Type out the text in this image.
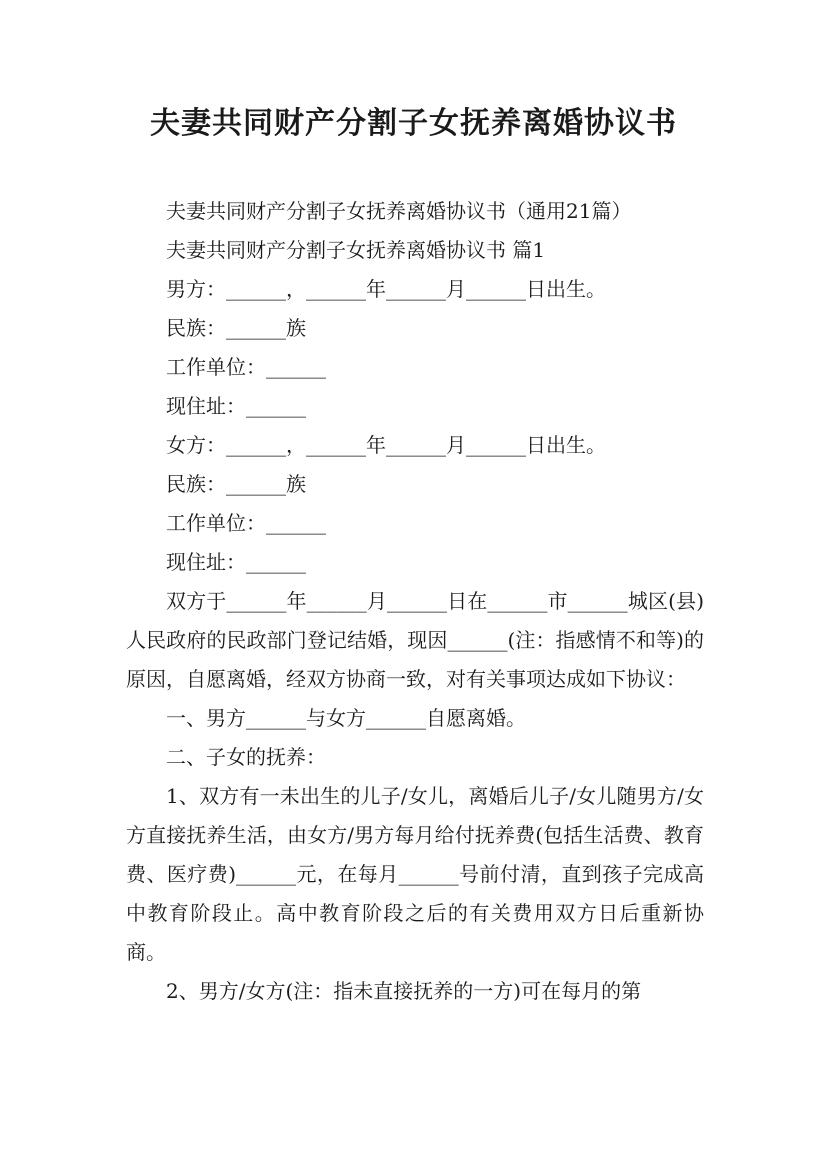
夫妻共同财产分割子女抚养离婚协议书

夫妻共同财产分割子女抚养离婚协议书（通用21篇）

夫妻共同财产分割子女抚养离婚协议书 篇1

男方：______，______年______月______日出生。

民族：______族

工作单位：______

现住址：______

女方：______，______年______月______日出生。

民族：______族

工作单位：______

现住址：______

双方于______年______月______日在______市______城区(县)人民政府的民政部门登记结婚，现因______(注：指感情不和等)的原因，自愿离婚，经双方协商一致，对有关事项达成如下协议：

一、男方______与女方______自愿离婚。

二、子女的抚养：

1、双方有一未出生的儿子/女儿，离婚后儿子/女儿随男方/女方直接抚养生活，由女方/男方每月给付抚养费(包括生活费、教育费、医疗费)______元，在每月______号前付清，直到孩子完成高中教育阶段止。高中教育阶段之后的有关费用双方日后重新协商。

2、男方/女方(注：指未直接抚养的一方)可在每月的第
